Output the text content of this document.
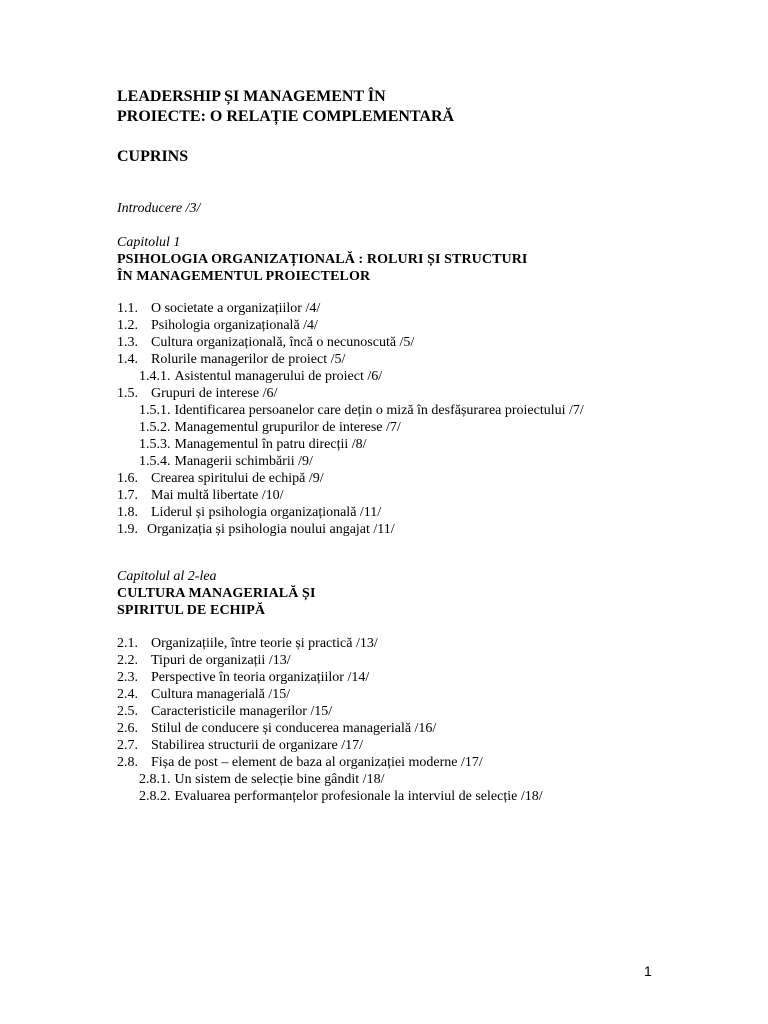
LEADERSHIP ȘI MANAGEMENT ÎN
PROIECTE: O RELAȚIE COMPLEMENTARĂ
CUPRINS
Introducere /3/
Capitolul 1
PSIHOLOGIA ORGANIZAȚIONALĂ : ROLURI ȘI STRUCTURI
ÎN MANAGEMENTUL PROIECTELOR
1.1. O societate a organizațiilor /4/
1.2. Psihologia organizațională /4/
1.3. Cultura organizațională, încă o necunoscută /5/
1.4. Rolurile managerilor de proiect /5/
1.4.1. Asistentul managerului de proiect /6/
1.5. Grupuri de interese /6/
1.5.1. Identificarea persoanelor care dețin o miză în desfășurarea proiectului /7/
1.5.2. Managementul grupurilor de interese /7/
1.5.3. Managementul în patru direcții /8/
1.5.4. Managerii schimbării /9/
1.6. Crearea spiritului de echipă /9/
1.7. Mai multă libertate /10/
1.8. Liderul și psihologia organizațională /11/
1.9. Organizația și psihologia noului angajat /11/
Capitolul al 2-lea
CULTURA MANAGERIALĂ ȘI
SPIRITUL DE ECHIPĂ
2.1. Organizațiile, între teorie și practică /13/
2.2. Tipuri de organizații /13/
2.3. Perspective în teoria organizațiilor /14/
2.4. Cultura managerială /15/
2.5. Caracteristicile managerilor /15/
2.6. Stilul de conducere și conducerea managerială /16/
2.7. Stabilirea structurii de organizare /17/
2.8. Fișa de post – element de baza al organizației moderne /17/
2.8.1. Un sistem de selecție bine gândit /18/
2.8.2. Evaluarea performanțelor profesionale la interviul de selecție /18/
1
